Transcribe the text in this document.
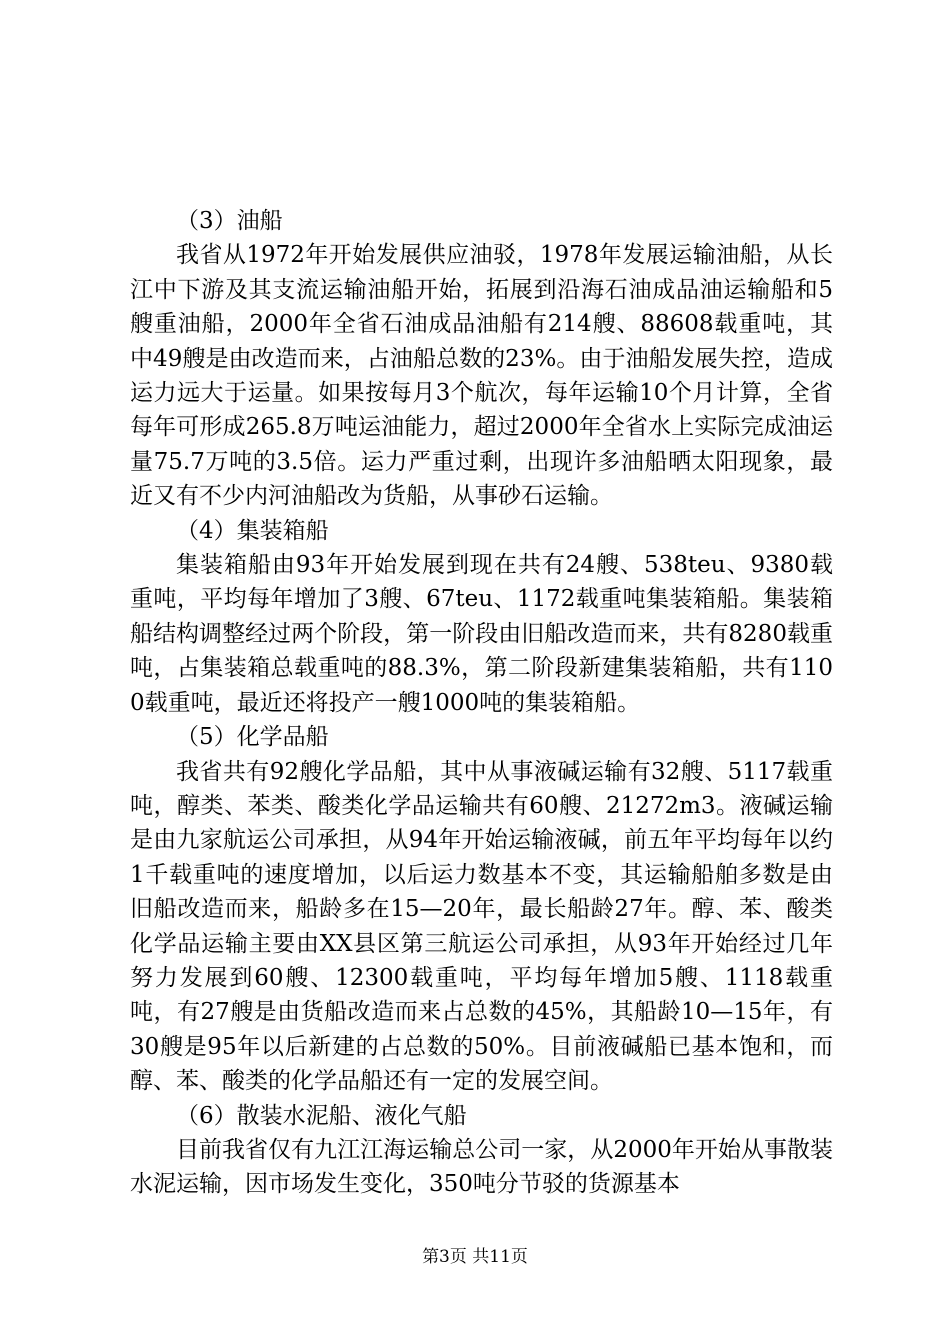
（3）油船

我省从1972年开始发展供应油驳，1978年发展运输油船，从长江中下游及其支流运输油船开始，拓展到沿海石油成品油运输船和5艘重油船，2000年全省石油成品油船有214艘、88608载重吨，其中49艘是由改造而来，占油船总数的23%。由于油船发展失控，造成运力远大于运量。如果按每月3个航次，每年运输10个月计算，全省每年可形成265.8万吨运油能力，超过2000年全省水上实际完成油运量75.7万吨的3.5倍。运力严重过剩，出现许多油船晒太阳现象，最近又有不少内河油船改为货船，从事砂石运输。

（4）集装箱船

集装箱船由93年开始发展到现在共有24艘、538teu、9380载重吨，平均每年增加了3艘、67teu、1172载重吨集装箱船。集装箱船结构调整经过两个阶段，第一阶段由旧船改造而来，共有8280载重吨，占集装箱总载重吨的88.3%，第二阶段新建集装箱船，共有1100载重吨，最近还将投产一艘1000吨的集装箱船。

（5）化学品船

我省共有92艘化学品船，其中从事液碱运输有32艘、5117载重吨，醇类、苯类、酸类化学品运输共有60艘、21272m3。液碱运输是由九家航运公司承担，从94年开始运输液碱，前五年平均每年以约1千载重吨的速度增加，以后运力数基本不变，其运输船舶多数是由旧船改造而来，船龄多在15—20年，最长船龄27年。醇、苯、酸类化学品运输主要由XX县区第三航运公司承担，从93年开始经过几年努力发展到60艘、12300载重吨，平均每年增加5艘、1118载重吨，有27艘是由货船改造而来占总数的45%，其船龄10—15年，有30艘是95年以后新建的占总数的50%。目前液碱船已基本饱和，而醇、苯、酸类的化学品船还有一定的发展空间。

（6）散装水泥船、液化气船

目前我省仅有九江江海运输总公司一家，从2000年开始从事散装水泥运输，因市场发生变化，350吨分节驳的货源基本

第3页 共11页
